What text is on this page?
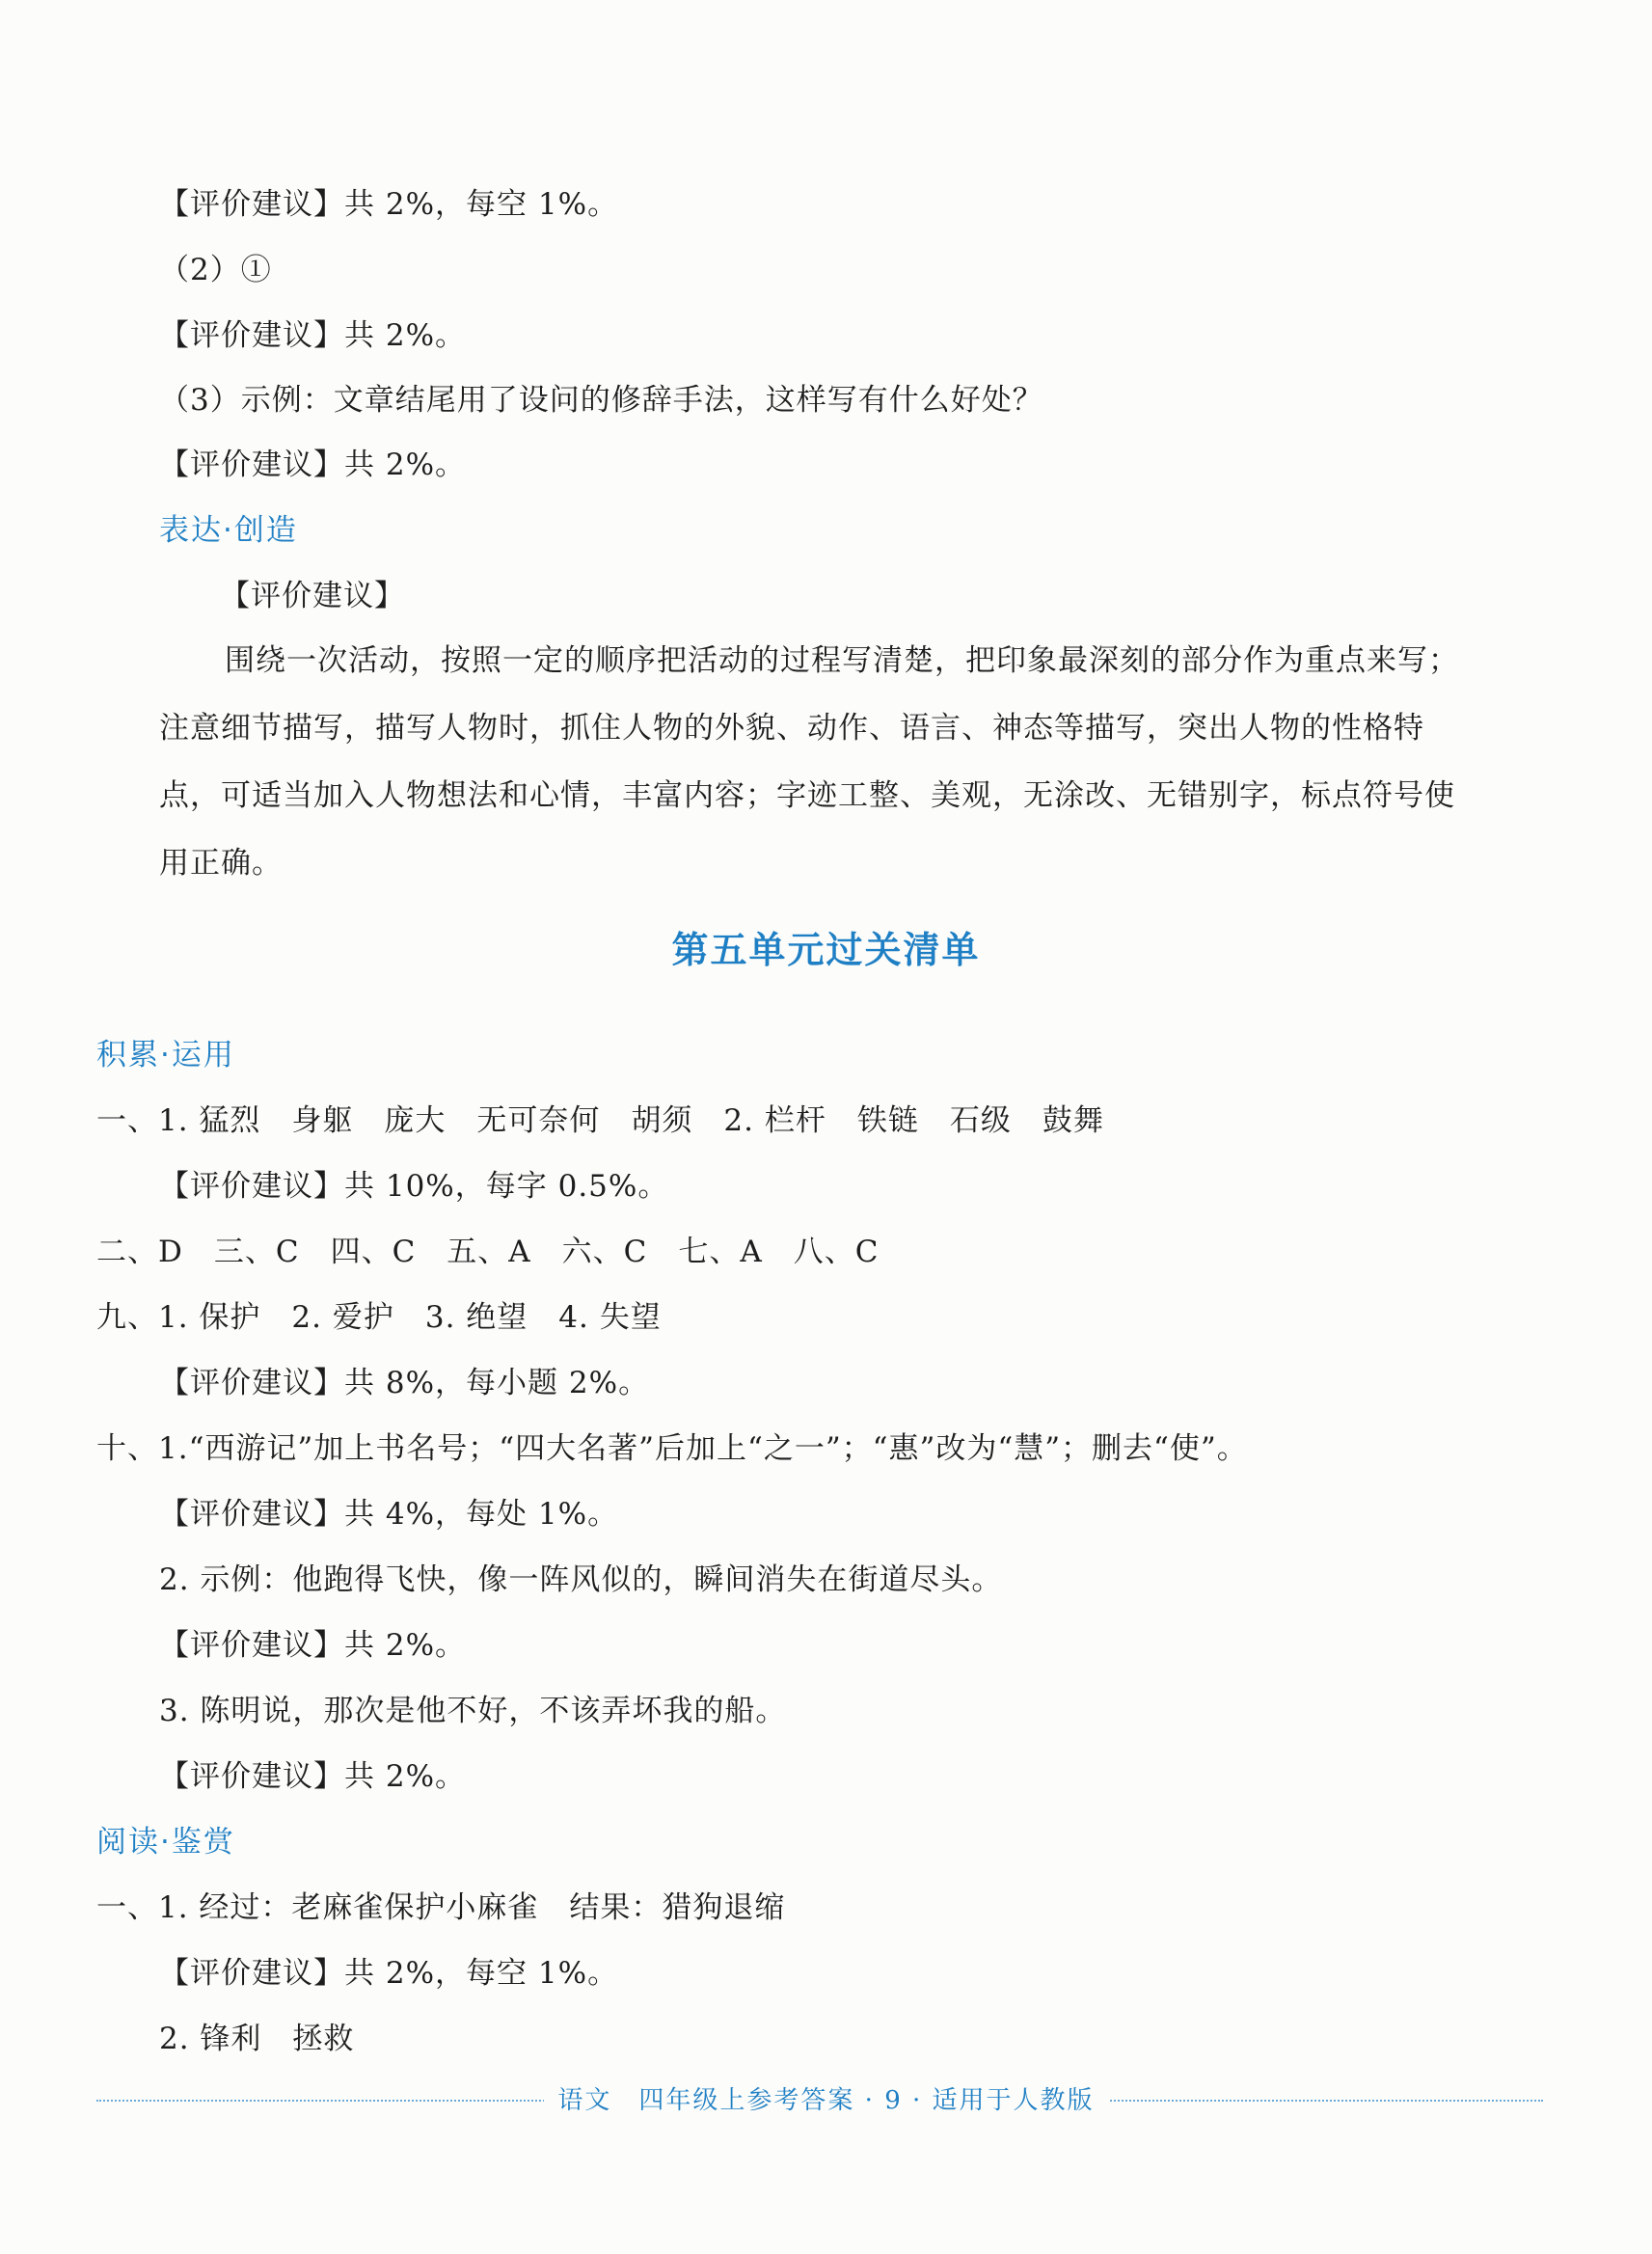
【评价建议】共 2%，每空 1%。
（2）①
【评价建议】共 2%。
（3）示例：文章结尾用了设问的修辞手法，这样写有什么好处？
【评价建议】共 2%。
表达·创造
【评价建议】
围绕一次活动，按照一定的顺序把活动的过程写清楚，把印象最深刻的部分作为重点来写；注意细节描写，描写人物时，抓住人物的外貌、动作、语言、神态等描写，突出人物的性格特点，可适当加入人物想法和心情，丰富内容；字迹工整、美观，无涂改、无错别字，标点符号使用正确。
第五单元过关清单
积累·运用
一、1. 猛烈　身躯　庞大　无可奈何　胡须　2. 栏杆　铁链　石级　鼓舞
【评价建议】共 10%，每字 0.5%。
二、D　三、C　四、C　五、A　六、C　七、A　八、C
九、1. 保护　2. 爱护　3. 绝望　4. 失望
【评价建议】共 8%，每小题 2%。
十、1.“西游记”加上书名号；“四大名著”后加上“之一”；“惠”改为“慧”；删去“使”。
【评价建议】共 4%，每处 1%。
2. 示例：他跑得飞快，像一阵风似的，瞬间消失在街道尽头。
【评价建议】共 2%。
3. 陈明说，那次是他不好，不该弄坏我的船。
【评价建议】共 2%。
阅读·鉴赏
一、1. 经过：老麻雀保护小麻雀　结果：猎狗退缩
【评价建议】共 2%，每空 1%。
2. 锋利　拯救
语文　四年级上参考答案 · 9 · 适用于人教版
